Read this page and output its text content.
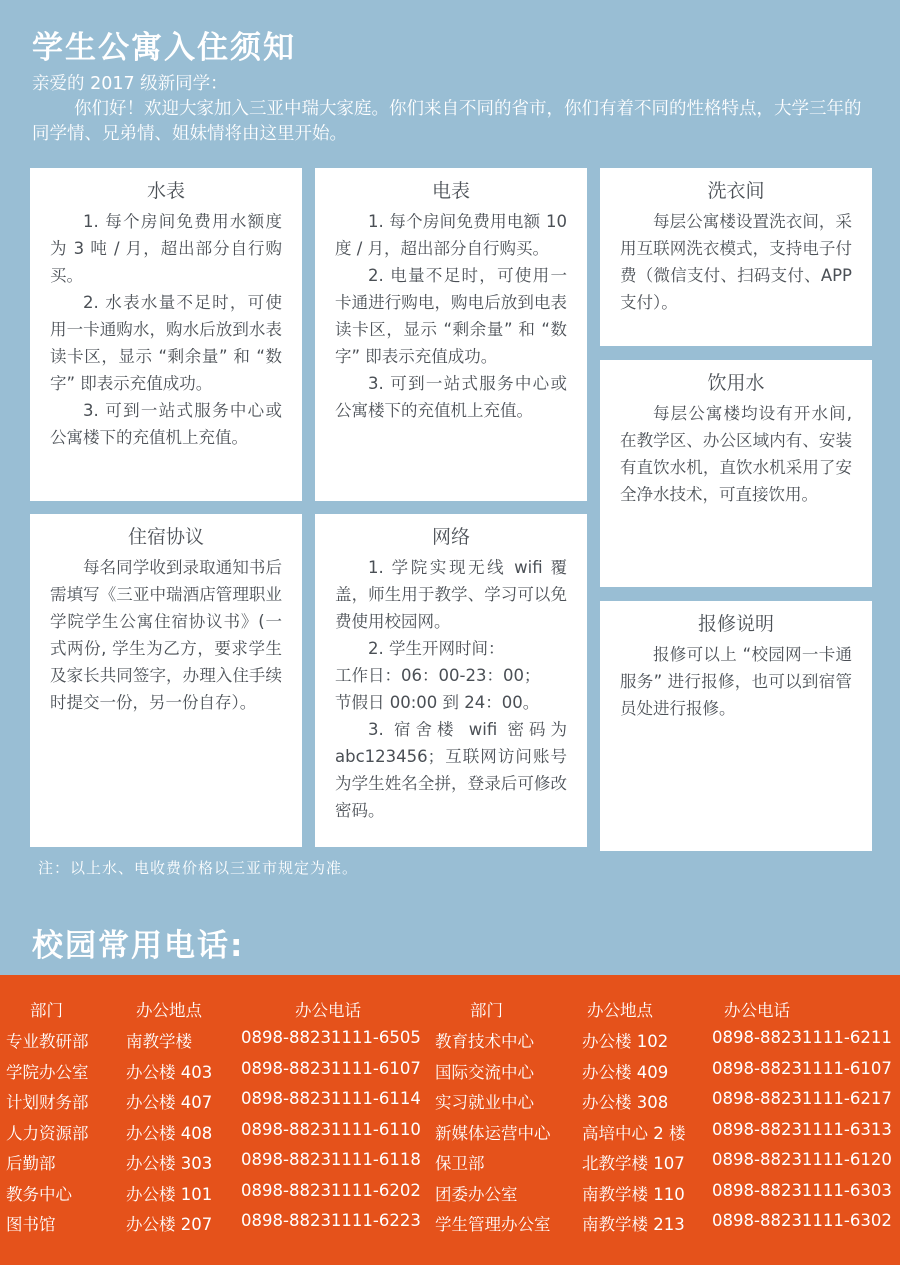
学生公寓入住须知

亲爱的 2017 级新同学：

你们好！欢迎大家加入三亚中瑞大家庭。你们来自不同的省市，你们有着不同的性格特点，大学三年的同学情、兄弟情、姐妹情将由这里开始。

水表

1. 每个房间免费用水额度为 3 吨 / 月，超出部分自行购买。

2. 水表水量不足时，可使用一卡通购水，购水后放到水表读卡区，显示 “剩余量” 和 “数字” 即表示充值成功。

3. 可到一站式服务中心或公寓楼下的充值机上充值。

电表

1. 每个房间免费用电额 10 度 / 月，超出部分自行购买。

2. 电量不足时，可使用一卡通进行购电，购电后放到电表读卡区，显示 “剩余量” 和 “数字” 即表示充值成功。

3. 可到一站式服务中心或公寓楼下的充值机上充值。

洗衣间

每层公寓楼设置洗衣间，采用互联网洗衣模式，支持电子付费（微信支付、扫码支付、APP 支付）。

饮用水

每层公寓楼均设有开水间, 在教学区、办公区域内有、安装有直饮水机，直饮水机采用了安全净水技术，可直接饮用。

住宿协议

每名同学收到录取通知书后需填写《三亚中瑞酒店管理职业学院学生公寓住宿协议书》(一式两份, 学生为乙方，要求学生及家长共同签字，办理入住手续时提交一份，另一份自存）。

网络

1. 学院实现无线 wifi 覆盖，师生用于教学、学习可以免费使用校园网。

2. 学生开网时间：

工作日：06：00-23：00；

节假日 00:00 到 24：00。

3. 宿舍楼 wifi 密码为 abc123456；互联网访问账号为学生姓名全拼，登录后可修改密码。

报修说明

报修可以上 “校园网一卡通服务” 进行报修，也可以到宿管员处进行报修。

注：以上水、电收费价格以三亚市规定为准。
校园常用电话:
部门	办公地点	办公电话	部门	办公地点	办公电话
专业教研部 南教学楼	0898-88231111-6505 教育技术中心	办公楼 102	0898-88231111-6211
学院办公室 办公楼 403 0898-88231111-6107 国际交流中心	办公楼 409	0898-88231111-6107
计划财务部 办公楼 407 0898-88231111-6114 实习就业中心	办公楼 308	0898-88231111-6217
人力资源部 办公楼 408 0898-88231111-6110 新媒体运营中心 高培中心 2 楼 0898-88231111-6313
后勤部	办公楼 303 0898-88231111-6118 保卫部	北教学楼 107 0898-88231111-6120
教务中心	办公楼 101 0898-88231111-6202 团委办公室	南教学楼 110 0898-88231111-6303
图书馆	办公楼 207 0898-88231111-6223 学生管理办公室 南教学楼 213 0898-88231111-6302
